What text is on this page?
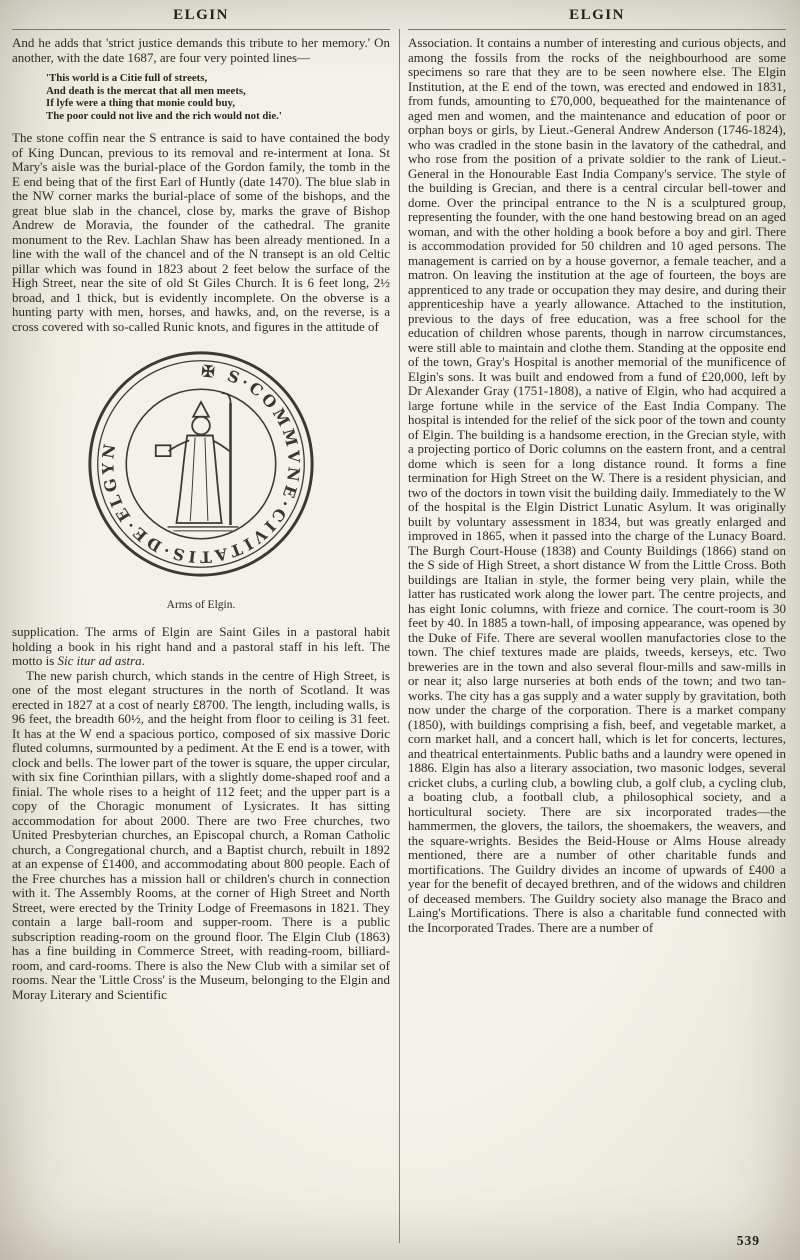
ELGIN	ELGIN

And he adds that 'strict justice demands this tribute to her memory.' On another, with the date 1687, are four very pointed lines—

'This world is a Citie full of streets,
And death is the mercat that all men meets,
If lyfe were a thing that monie could buy,
The poor could not live and the rich would not die.'

The stone coffin near the S entrance is said to have contained the body of King Duncan, previous to its removal and re-interment at Iona. St Mary's aisle was the burial-place of the Gordon family, the tomb in the E end being that of the first Earl of Huntly (date 1470). The blue slab in the NW corner marks the burial-place of some of the bishops, and the great blue slab in the chancel, close by, marks the grave of Bishop Andrew de Moravia, the founder of the cathedral. The granite monument to the Rev. Lachlan Shaw has been already mentioned. In a line with the wall of the chancel and of the N transept is an old Celtic pillar which was found in 1823 about 2 feet below the surface of the High Street, near the site of old St Giles Church. It is 6 feet long, 2½ broad, and 1 thick, but is evidently incomplete. On the obverse is a hunting party with men, horses, and hawks, and, on the reverse, is a cross covered with so-called Runic knots, and figures in the attitude of

✠ S·COMMVNE·CIVITATIS·DE·ELGYN
Arms of Elgin.

supplication. The arms of Elgin are Saint Giles in a pastoral habit holding a book in his right hand and a pastoral staff in his left. The motto is Sic itur ad astra.

The new parish church, which stands in the centre of High Street, is one of the most elegant structures in the north of Scotland. It was erected in 1827 at a cost of nearly £8700. The length, including walls, is 96 feet, the breadth 60½, and the height from floor to ceiling is 31 feet. It has at the W end a spacious portico, composed of six massive Doric fluted columns, surmounted by a pediment. At the E end is a tower, with clock and bells. The lower part of the tower is square, the upper circular, with six fine Corinthian pillars, with a slightly dome-shaped roof and a finial. The whole rises to a height of 112 feet; and the upper part is a copy of the Choragic monument of Lysicrates. It has sitting accommodation for about 2000. There are two Free churches, two United Presbyterian churches, an Episcopal church, a Roman Catholic church, a Congregational church, and a Baptist church, rebuilt in 1892 at an expense of £1400, and accommodating about 800 people. Each of the Free churches has a mission hall or children's church in connection with it. The Assembly Rooms, at the corner of High Street and North Street, were erected by the Trinity Lodge of Freemasons in 1821. They contain a large ball-room and supper-room. There is a public subscription reading-room on the ground floor. The Elgin Club (1863) has a fine building in Commerce Street, with reading-room, billiard-room, and card-rooms. There is also the New Club with a similar set of rooms. Near the 'Little Cross' is the Museum, belonging to the Elgin and Moray Literary and Scientific

Association. It contains a number of interesting and curious objects, and among the fossils from the rocks of the neighbourhood are some specimens so rare that they are to be seen nowhere else. The Elgin Institution, at the E end of the town, was erected and endowed in 1831, from funds, amounting to £70,000, bequeathed for the maintenance of aged men and women, and the maintenance and education of poor or orphan boys or girls, by Lieut.-General Andrew Anderson (1746-1824), who was cradled in the stone basin in the lavatory of the cathedral, and who rose from the position of a private soldier to the rank of Lieut.-General in the Honourable East India Company's service. The style of the building is Grecian, and there is a central circular bell-tower and dome. Over the principal entrance to the N is a sculptured group, representing the founder, with the one hand bestowing bread on an aged woman, and with the other holding a book before a boy and girl. There is accommodation provided for 50 children and 10 aged persons. The management is carried on by a house governor, a female teacher, and a matron. On leaving the institution at the age of fourteen, the boys are apprenticed to any trade or occupation they may desire, and during their apprenticeship have a yearly allowance. Attached to the institution, previous to the days of free education, was a free school for the education of children whose parents, though in narrow circumstances, were still able to maintain and clothe them. Standing at the opposite end of the town, Gray's Hospital is another memorial of the munificence of Elgin's sons. It was built and endowed from a fund of £20,000, left by Dr Alexander Gray (1751-1808), a native of Elgin, who had acquired a large fortune while in the service of the East India Company. The hospital is intended for the relief of the sick poor of the town and county of Elgin. The building is a handsome erection, in the Grecian style, with a projecting portico of Doric columns on the eastern front, and a central dome which is seen for a long distance round. It forms a fine termination for High Street on the W. There is a resident physician, and two of the doctors in town visit the building daily. Immediately to the W of the hospital is the Elgin District Lunatic Asylum. It was originally built by voluntary assessment in 1834, but was greatly enlarged and improved in 1865, when it passed into the charge of the Lunacy Board. The Burgh Court-House (1838) and County Buildings (1866) stand on the S side of High Street, a short distance W from the Little Cross. Both buildings are Italian in style, the former being very plain, while the latter has rusticated work along the lower part. The centre projects, and has eight Ionic columns, with frieze and cornice. The court-room is 30 feet by 40. In 1885 a town-hall, of imposing appearance, was opened by the Duke of Fife. There are several woollen manufactories close to the town. The chief textures made are plaids, tweeds, kerseys, etc. Two breweries are in the town and also several flour-mills and saw-mills in or near it; also large nurseries at both ends of the town; and two tan-works. The city has a gas supply and a water supply by gravitation, both now under the charge of the corporation. There is a market company (1850), with buildings comprising a fish, beef, and vegetable market, a corn market hall, and a concert hall, which is let for concerts, lectures, and theatrical entertainments. Public baths and a laundry were opened in 1886. Elgin has also a literary association, two masonic lodges, several cricket clubs, a curling club, a bowling club, a golf club, a cycling club, a boating club, a football club, a philosophical society, and a horticultural society. There are six incorporated trades—the hammermen, the glovers, the tailors, the shoemakers, the weavers, and the square-wrights. Besides the Beid-House or Alms House already mentioned, there are a number of other charitable funds and mortifications. The Guildry divides an income of upwards of £400 a year for the benefit of decayed brethren, and of the widows and children of deceased members. The Guildry society also manage the Braco and Laing's Mortifications. There is also a charitable fund connected with the Incorporated Trades. There are a number of

539
